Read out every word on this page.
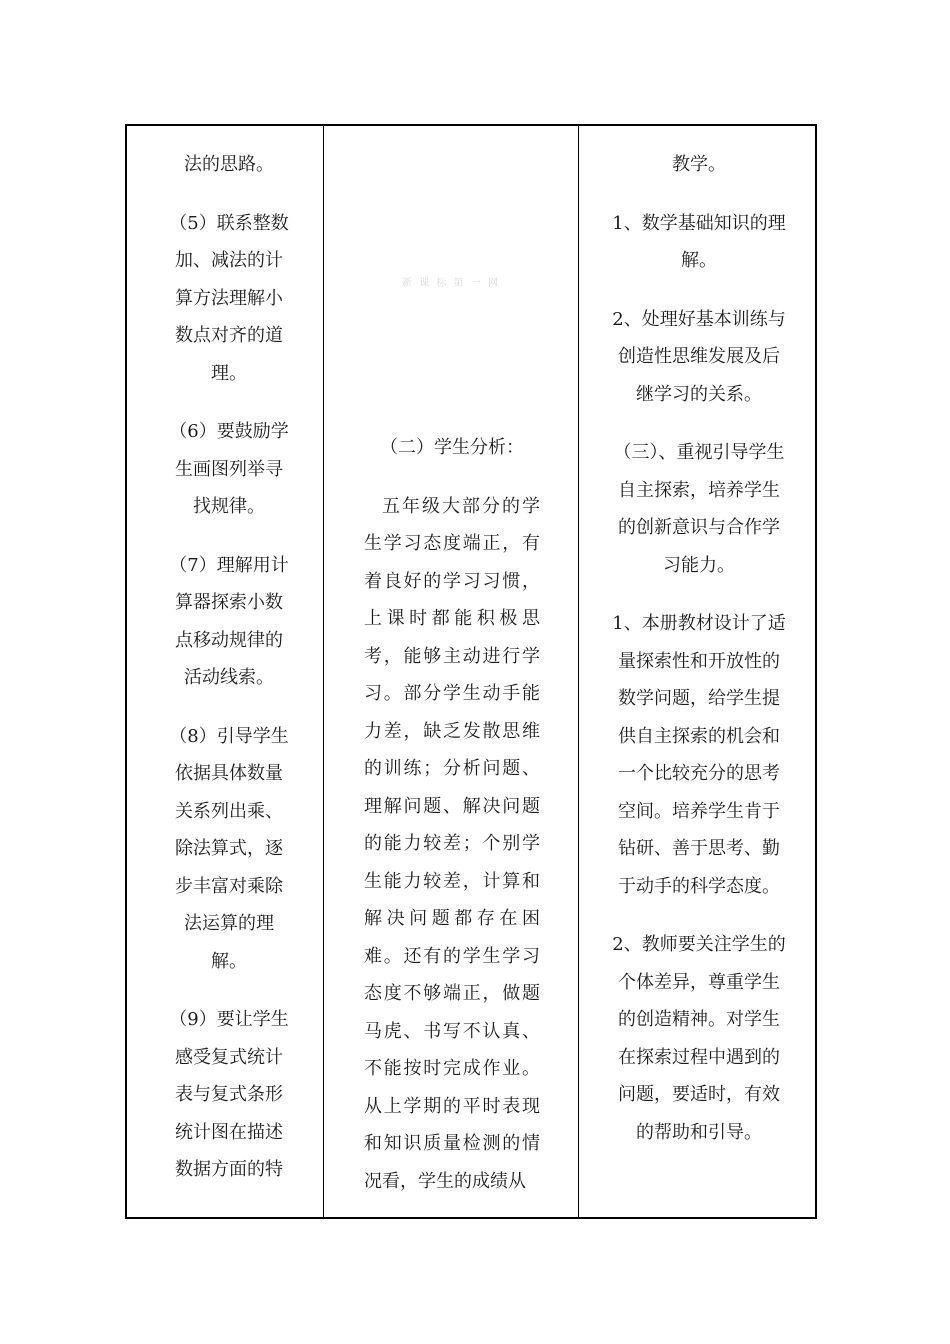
法的思路。

（5）联系整数加、减法的计算方法理解小数点对齐的道理。

（6）要鼓励学生画图列举寻找规律。

（7）理解用计算器探索小数点移动规律的活动线索。

（8）引导学生依据具体数量关系列出乘、除法算式，逐步丰富对乘除法运算的理解。

（9）要让学生感受复式统计表与复式条形统计图在描述数据方面的特

新 课 标 第 一 网

（二）学生分析：

五年级大部分的学生学习态度端正，有着良好的学习习惯，上课时都能积极思考，能够主动进行学习。部分学生动手能力差，缺乏发散思维的训练；分析问题、理解问题、解决问题的能力较差；个别学生能力较差，计算和解决问题都存在困难。还有的学生学习态度不够端正，做题马虎、书写不认真、不能按时完成作业。从上学期的平时表现和知识质量检测的情况看，学生的成绩从

教学。

1、数学基础知识的理解。

2、处理好基本训练与创造性思维发展及后继学习的关系。

（三）、重视引导学生自主探索，培养学生的创新意识与合作学习能力。

1、本册教材设计了适量探索性和开放性的数学问题，给学生提供自主探索的机会和一个比较充分的思考空间。培养学生肯于钻研、善于思考、勤于动手的科学态度。

2、教师要关注学生的个体差异，尊重学生的创造精神。对学生在探索过程中遇到的问题，要适时，有效的帮助和引导。
